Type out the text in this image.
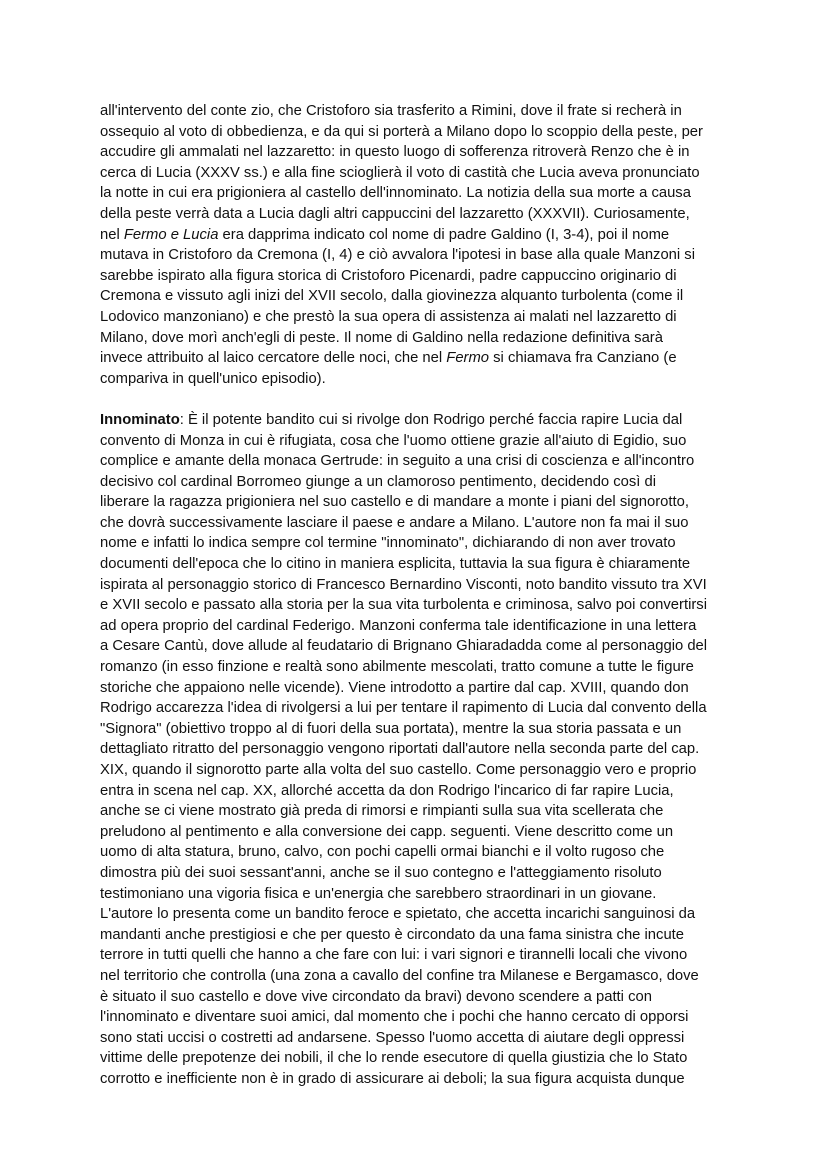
all'intervento del conte zio, che Cristoforo sia trasferito a Rimini, dove il frate si recherà in
ossequio al voto di obbedienza, e da qui si porterà a Milano dopo lo scoppio della peste, per
accudire gli ammalati nel lazzaretto: in questo luogo di sofferenza ritroverà Renzo che è in
cerca di Lucia (XXXV ss.) e alla fine scioglierà il voto di castità che Lucia aveva pronunciato
la notte in cui era prigioniera al castello dell'innominato. La notizia della sua morte a causa
della peste verrà data a Lucia dagli altri cappuccini del lazzaretto (XXXVII). Curiosamente,
nel Fermo e Lucia era dapprima indicato col nome di padre Galdino (I, 3-4), poi il nome
mutava in Cristoforo da Cremona (I, 4) e ciò avvalora l'ipotesi in base alla quale Manzoni si
sarebbe ispirato alla figura storica di Cristoforo Picenardi, padre cappuccino originario di
Cremona e vissuto agli inizi del XVII secolo, dalla giovinezza alquanto turbolenta (come il
Lodovico manzoniano) e che prestò la sua opera di assistenza ai malati nel lazzaretto di
Milano, dove morì anch'egli di peste. Il nome di Galdino nella redazione definitiva sarà
invece attribuito al laico cercatore delle noci, che nel Fermo si chiamava fra Canziano (e
compariva in quell'unico episodio).

Innominato: È il potente bandito cui si rivolge don Rodrigo perché faccia rapire Lucia dal
convento di Monza in cui è rifugiata, cosa che l'uomo ottiene grazie all'aiuto di Egidio, suo
complice e amante della monaca Gertrude: in seguito a una crisi di coscienza e all'incontro
decisivo col cardinal Borromeo giunge a un clamoroso pentimento, decidendo così di
liberare la ragazza prigioniera nel suo castello e di mandare a monte i piani del signorotto,
che dovrà successivamente lasciare il paese e andare a Milano. L'autore non fa mai il suo
nome e infatti lo indica sempre col termine "innominato", dichiarando di non aver trovato
documenti dell'epoca che lo citino in maniera esplicita, tuttavia la sua figura è chiaramente
ispirata al personaggio storico di Francesco Bernardino Visconti, noto bandito vissuto tra XVI
e XVII secolo e passato alla storia per la sua vita turbolenta e criminosa, salvo poi convertirsi
ad opera proprio del cardinal Federigo. Manzoni conferma tale identificazione in una lettera
a Cesare Cantù, dove allude al feudatario di Brignano Ghiaradadda come al personaggio del
romanzo (in esso finzione e realtà sono abilmente mescolati, tratto comune a tutte le figure
storiche che appaiono nelle vicende). Viene introdotto a partire dal cap. XVIII, quando don
Rodrigo accarezza l'idea di rivolgersi a lui per tentare il rapimento di Lucia dal convento della
"Signora" (obiettivo troppo al di fuori della sua portata), mentre la sua storia passata e un
dettagliato ritratto del personaggio vengono riportati dall'autore nella seconda parte del cap.
XIX, quando il signorotto parte alla volta del suo castello. Come personaggio vero e proprio
entra in scena nel cap. XX, allorché accetta da don Rodrigo l'incarico di far rapire Lucia,
anche se ci viene mostrato già preda di rimorsi e rimpianti sulla sua vita scellerata che
preludono al pentimento e alla conversione dei capp. seguenti. Viene descritto come un
uomo di alta statura, bruno, calvo, con pochi capelli ormai bianchi e il volto rugoso che
dimostra più dei suoi sessant'anni, anche se il suo contegno e l'atteggiamento risoluto
testimoniano una vigoria fisica e un'energia che sarebbero straordinari in un giovane.
L'autore lo presenta come un bandito feroce e spietato, che accetta incarichi sanguinosi da
mandanti anche prestigiosi e che per questo è circondato da una fama sinistra che incute
terrore in tutti quelli che hanno a che fare con lui: i vari signori e tirannelli locali che vivono
nel territorio che controlla (una zona a cavallo del confine tra Milanese e Bergamasco, dove
è situato il suo castello e dove vive circondato da bravi) devono scendere a patti con
l'innominato e diventare suoi amici, dal momento che i pochi che hanno cercato di opporsi
sono stati uccisi o costretti ad andarsene. Spesso l'uomo accetta di aiutare degli oppressi
vittime delle prepotenze dei nobili, il che lo rende esecutore di quella giustizia che lo Stato
corrotto e inefficiente non è in grado di assicurare ai deboli; la sua figura acquista dunque
